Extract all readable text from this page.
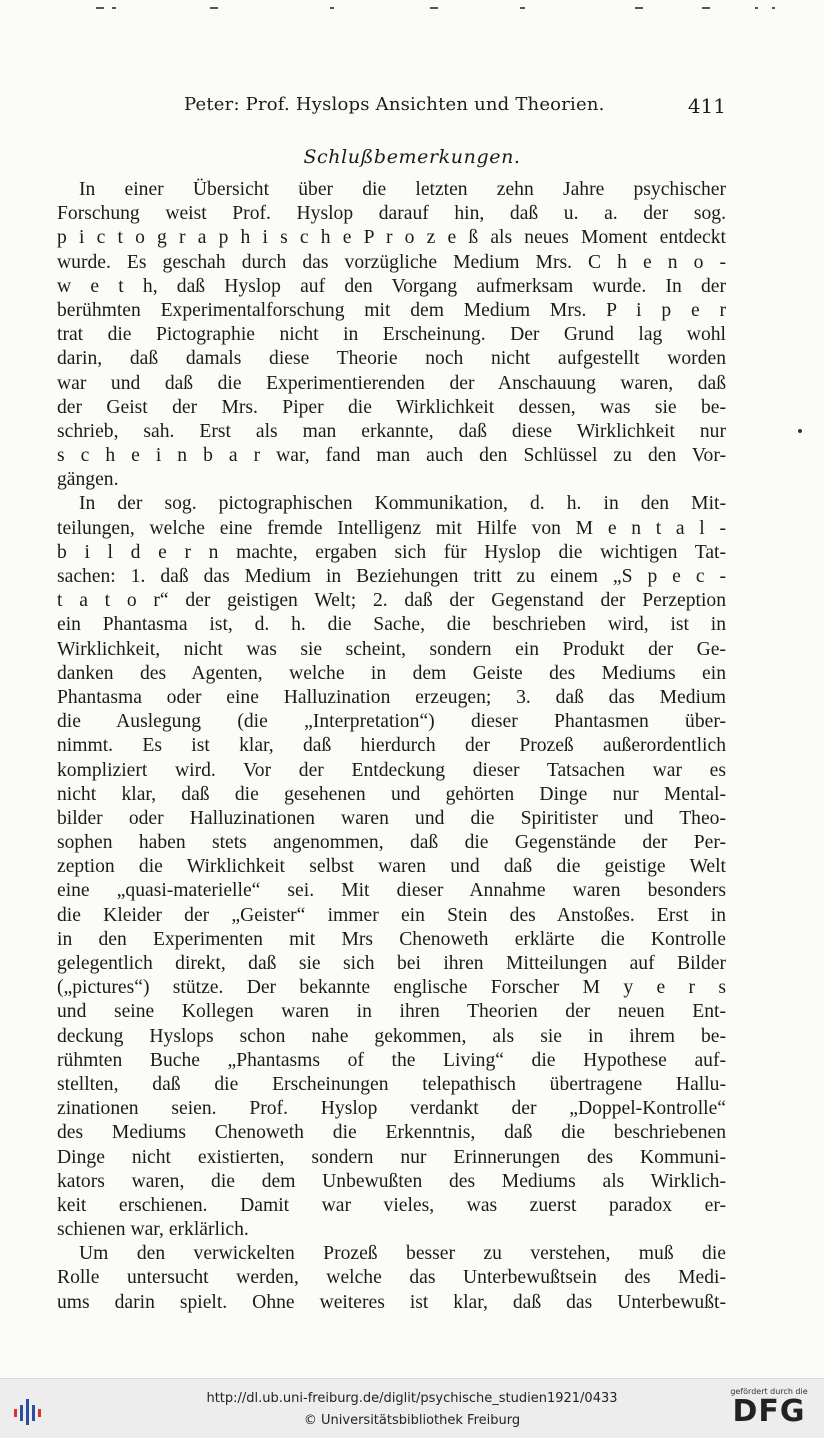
Peter: Prof. Hyslops Ansichten und Theorien.	411
Schlußbemerkungen.
In einer Übersicht über die letzten zehn Jahre psychischer
Forschung weist Prof. Hyslop darauf hin, daß u. a. der sog.
p i c t o g r a p h i s c h e P r o z e ß als neues Moment entdeckt
wurde. Es geschah durch das vorzügliche Medium Mrs. C h e n o -
w e t h, daß Hyslop auf den Vorgang aufmerksam wurde. In der
berühmten Experimentalforschung mit dem Medium Mrs. P i p e r
trat die Pictographie nicht in Erscheinung. Der Grund lag wohl
darin, daß damals diese Theorie noch nicht aufgestellt worden
war und daß die Experimentierenden der Anschauung waren, daß
der Geist der Mrs. Piper die Wirklichkeit dessen, was sie be-
schrieb, sah. Erst als man erkannte, daß diese Wirklichkeit nur
s c h e i n b a r war, fand man auch den Schlüssel zu den Vor-
gängen.
In der sog. pictographischen Kommunikation, d. h. in den Mit-
teilungen, welche eine fremde Intelligenz mit Hilfe von M e n t a l -
b i l d e r n machte, ergaben sich für Hyslop die wichtigen Tat-
sachen: 1. daß das Medium in Beziehungen tritt zu einem „S p e c -
t a t o r“ der geistigen Welt; 2. daß der Gegenstand der Perzeption
ein Phantasma ist, d. h. die Sache, die beschrieben wird, ist in
Wirklichkeit, nicht was sie scheint, sondern ein Produkt der Ge-
danken des Agenten, welche in dem Geiste des Mediums ein
Phantasma oder eine Halluzination erzeugen; 3. daß das Medium
die Auslegung (die „Interpretation“) dieser Phantasmen über-
nimmt. Es ist klar, daß hierdurch der Prozeß außerordentlich
kompliziert wird. Vor der Entdeckung dieser Tatsachen war es
nicht klar, daß die gesehenen und gehörten Dinge nur Mental-
bilder oder Halluzinationen waren und die Spiritister und Theo-
sophen haben stets angenommen, daß die Gegenstände der Per-
zeption die Wirklichkeit selbst waren und daß die geistige Welt
eine „quasi-materielle“ sei. Mit dieser Annahme waren besonders
die Kleider der „Geister“ immer ein Stein des Anstoßes. Erst in
in den Experimenten mit Mrs Chenoweth erklärte die Kontrolle
gelegentlich direkt, daß sie sich bei ihren Mitteilungen auf Bilder
(„pictures“) stütze. Der bekannte englische Forscher M y e r s
und seine Kollegen waren in ihren Theorien der neuen Ent-
deckung Hyslops schon nahe gekommen, als sie in ihrem be-
rühmten Buche „Phantasms of the Living“ die Hypothese auf-
stellten, daß die Erscheinungen telepathisch übertragene Hallu-
zinationen seien. Prof. Hyslop verdankt der „Doppel-Kontrolle“
des Mediums Chenoweth die Erkenntnis, daß die beschriebenen
Dinge nicht existierten, sondern nur Erinnerungen des Kommuni-
kators waren, die dem Unbewußten des Mediums als Wirklich-
keit erschienen. Damit war vieles, was zuerst paradox er-
schienen war, erklärlich.
Um den verwickelten Prozeß besser zu verstehen, muß die
Rolle untersucht werden, welche das Unterbewußtsein des Medi-
ums darin spielt. Ohne weiteres ist klar, daß das Unterbewußt-
http://dl.ub.uni-freiburg.de/diglit/psychische_studien1921/0433
© Universitätsbibliothek Freiburg
gefördert durch die
DFG
